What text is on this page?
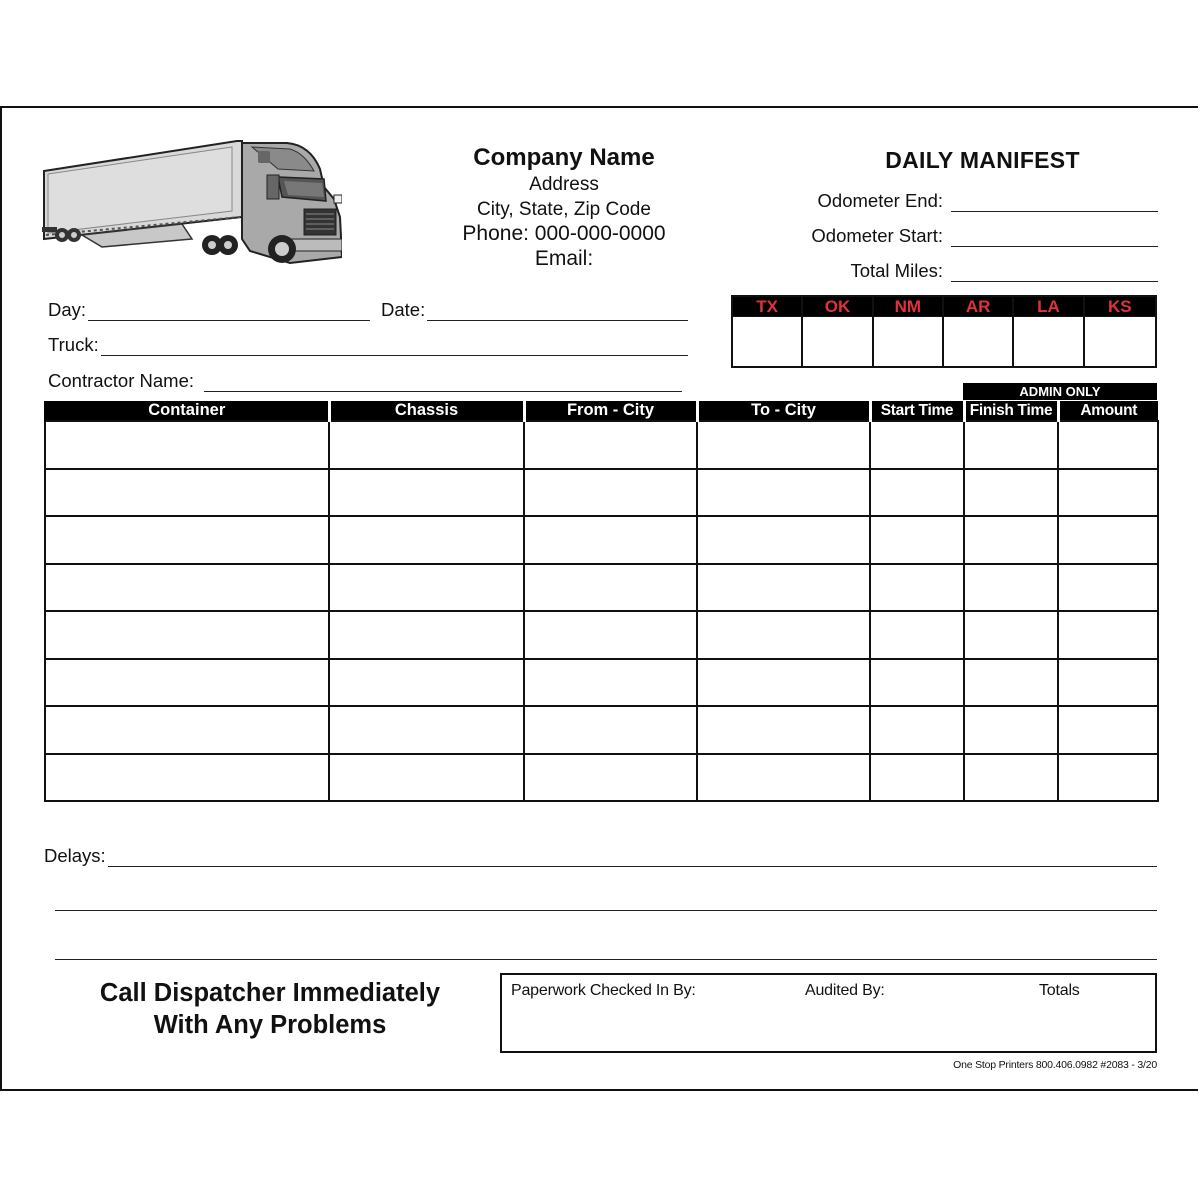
Company Name
Address
City, State, Zip Code
Phone: 000-000-0000
Email:
DAILY MANIFEST
Odometer End:
Odometer Start:
Total Miles:
Day:	Date:
Truck:
Contractor Name:
TX	OK	NM	AR	LA	KS
ADMIN ONLY
Container	Chassis	From - City	To - City	Start Time	Finish Time	Amount

Delays:
Call Dispatcher Immediately
With Any Problems
Paperwork Checked In By:	Audited By:	Totals
One Stop Printers 800.406.0982 #2083 - 3/20
